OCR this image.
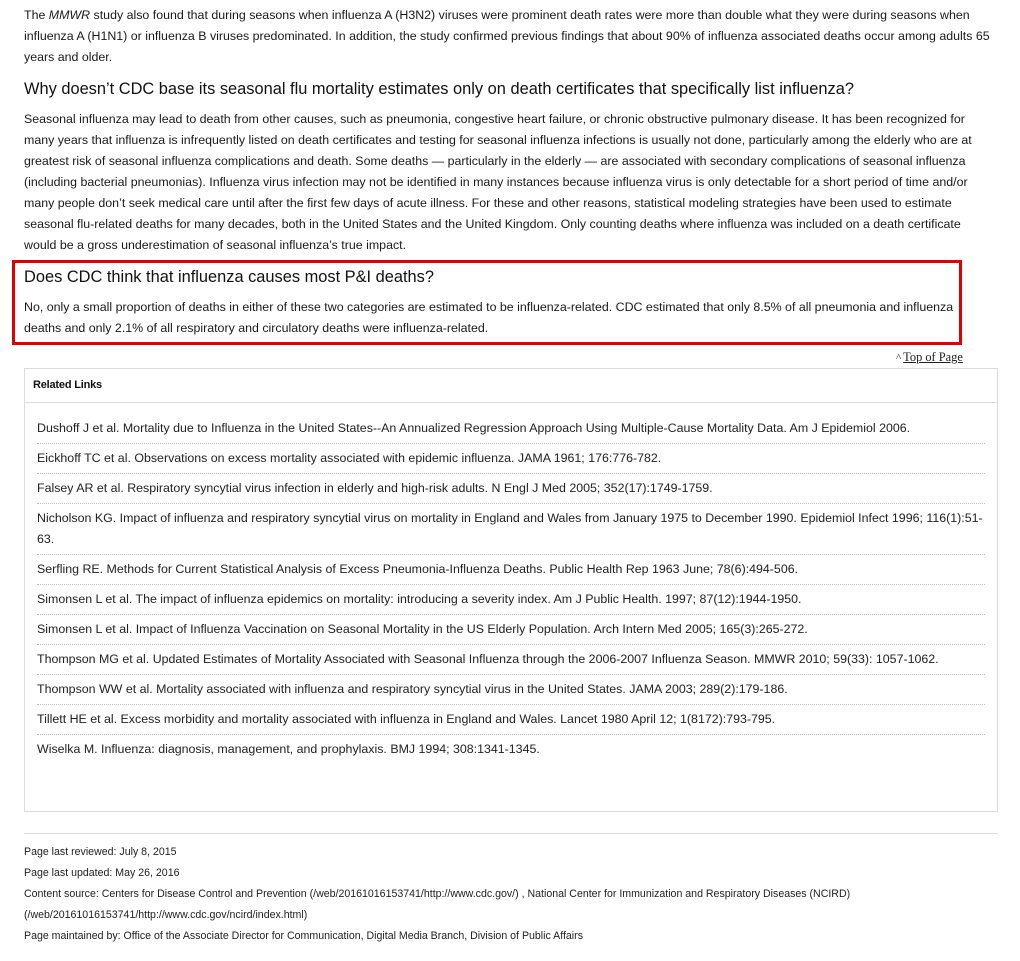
The MMWR study also found that during seasons when influenza A (H3N2) viruses were prominent death rates were more than double what they were during seasons when influenza A (H1N1) or influenza B viruses predominated. In addition, the study confirmed previous findings that about 90% of influenza associated deaths occur among adults 65 years and older.

Why doesn’t CDC base its seasonal flu mortality estimates only on death certificates that specifically list influenza?

Seasonal influenza may lead to death from other causes, such as pneumonia, congestive heart failure, or chronic obstructive pulmonary disease. It has been recognized for many years that influenza is infrequently listed on death certificates and testing for seasonal influenza infections is usually not done, particularly among the elderly who are at greatest risk of seasonal influenza complications and death. Some deaths — particularly in the elderly — are associated with secondary complications of seasonal influenza (including bacterial pneumonias). Influenza virus infection may not be identified in many instances because influenza virus is only detectable for a short period of time and/or many people don’t seek medical care until after the first few days of acute illness. For these and other reasons, statistical modeling strategies have been used to estimate seasonal flu-related deaths for many decades, both in the United States and the United Kingdom. Only counting deaths where influenza was included on a death certificate would be a gross underestimation of seasonal influenza’s true impact.

Does CDC think that influenza causes most P&I deaths?

No, only a small proportion of deaths in either of these two categories are estimated to be influenza-related. CDC estimated that only 8.5% of all pneumonia and influenza deaths and only 2.1% of all respiratory and circulatory deaths were influenza-related.

^ Top of Page
Related Links
Dushoff J et al. Mortality due to Influenza in the United States--An Annualized Regression Approach Using Multiple-Cause Mortality Data. Am J Epidemiol 2006.
Eickhoff TC et al. Observations on excess mortality associated with epidemic influenza. JAMA 1961; 176:776-782.
Falsey AR et al. Respiratory syncytial virus infection in elderly and high-risk adults. N Engl J Med 2005; 352(17):1749-1759.
Nicholson KG. Impact of influenza and respiratory syncytial virus on mortality in England and Wales from January 1975 to December 1990. Epidemiol Infect 1996; 116(1):51-63.
Serfling RE. Methods for Current Statistical Analysis of Excess Pneumonia-Influenza Deaths. Public Health Rep 1963 June; 78(6):494-506.
Simonsen L et al. The impact of influenza epidemics on mortality: introducing a severity index. Am J Public Health. 1997; 87(12):1944-1950.
Simonsen L et al. Impact of Influenza Vaccination on Seasonal Mortality in the US Elderly Population. Arch Intern Med 2005; 165(3):265-272.
Thompson MG et al. Updated Estimates of Mortality Associated with Seasonal Influenza through the 2006-2007 Influenza Season. MMWR 2010; 59(33): 1057-1062.
Thompson WW et al. Mortality associated with influenza and respiratory syncytial virus in the United States. JAMA 2003; 289(2):179-186.
Tillett HE et al. Excess morbidity and mortality associated with influenza in England and Wales. Lancet 1980 April 12; 1(8172):793-795.
Wiselka M. Influenza: diagnosis, management, and prophylaxis. BMJ 1994; 308:1341-1345.
Page last reviewed: July 8, 2015
Page last updated: May 26, 2016
Content source: Centers for Disease Control and Prevention (/web/20161016153741/http://www.cdc.gov/) , National Center for Immunization and Respiratory Diseases (NCIRD)
(/web/20161016153741/http://www.cdc.gov/ncird/index.html)
Page maintained by: Office of the Associate Director for Communication, Digital Media Branch, Division of Public Affairs
